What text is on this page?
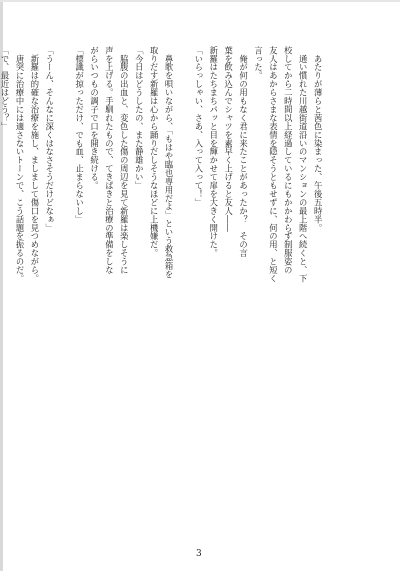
　あたりが薄らと茜色に染まった、午後五時半。
　通い慣れた川越街道沿いのマンションの最上階へ続くと、下
校してから二時間以上経過しているにもかかわらず制服姿の
友人はあからさまな表情を隠そうともせずに、何の用、と短く
言った。
　俺が何の用もなく君に来たことがあったか？　その言
葉を飲み込んでシャツを素早く上げると友人――
新羅はたちまちパッと目を輝かせて扉を大きく開けた。
「いらっしゃい、さあ、入って入って！」

　鼻歌を唄いながら、「もはや臨也専用だよ」という救急箱を
取りだす新羅は心から踊りだしそうなほどに上機嫌だ。
「今日はどうしたの、また静雄かい」
　脇腹の出血と、変色した傷の周辺を見て新羅は楽しそうに
声を上げる。手馴れたもので、てきぱきと治療の準備をしな
がらいつもの調子で口を開き続ける。
「標識が掠っただけ、でも血、止まらないし」

「うーん、そんなに深くはなさそうだけどなぁ」
　新羅は的確な治療を施し、ましまして傷口を見つめながら。
　唐突に治療中には適さないトーンで、こう話題を振るのだ。
「で、最近はどう？」

3
